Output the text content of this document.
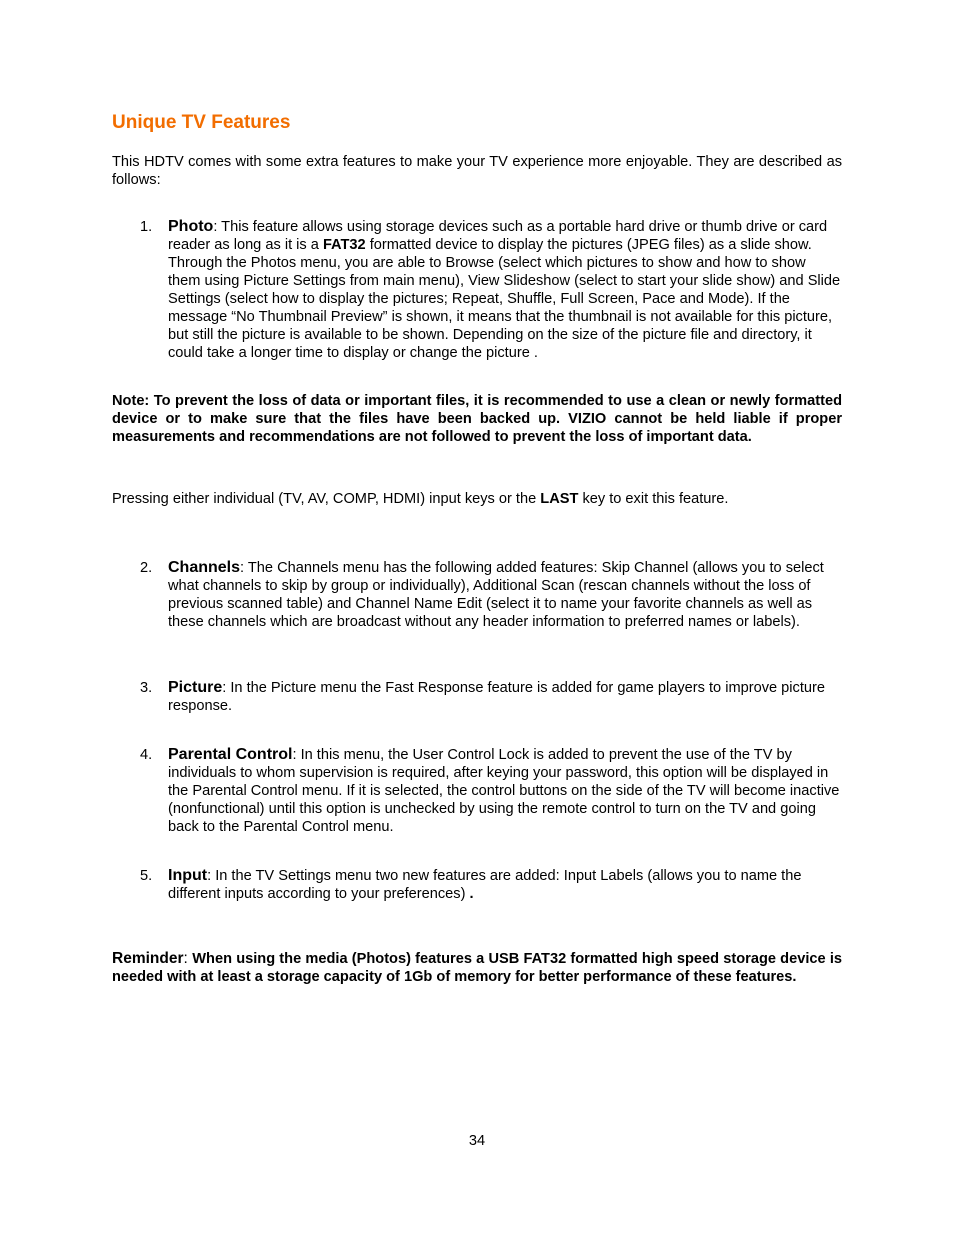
Unique TV Features

This HDTV comes with some extra features to make your TV experience more enjoyable. They are described as follows:

1. Photo: This feature allows using storage devices such as a portable hard drive or thumb drive or card reader as long as it is a FAT32 formatted device to display the pictures (JPEG files) as a slide show. Through the Photos menu, you are able to Browse (select which pictures to show and how to show them using Picture Settings from main menu), View Slideshow (select to start your slide show) and Slide Settings (select how to display the pictures; Repeat, Shuffle, Full Screen, Pace and Mode). If the message “No Thumbnail Preview” is shown, it means that the thumbnail is not available for this picture, but still the picture is available to be shown. Depending on the size of the picture file and directory, it could take a longer time to display or change the picture .

Note: To prevent the loss of data or important files, it is recommended to use a clean or newly formatted device or to make sure that the files have been backed up. VIZIO cannot be held liable if proper measurements and recommendations are not followed to prevent the loss of important data.

Pressing either individual (TV, AV, COMP, HDMI) input keys or the LAST key to exit this feature.

2. Channels: The Channels menu has the following added features: Skip Channel (allows you to select what channels to skip by group or individually), Additional Scan (rescan channels without the loss of previous scanned table) and Channel Name Edit (select it to name your favorite channels as well as these channels which are broadcast without any header information to preferred names or labels).
3. Picture: In the Picture menu the Fast Response feature is added for game players to improve picture response.
4. Parental Control: In this menu, the User Control Lock is added to prevent the use of the TV by individuals to whom supervision is required, after keying your password, this option will be displayed in the Parental Control menu. If it is selected, the control buttons on the side of the TV will become inactive (nonfunctional) until this option is unchecked by using the remote control to turn on the TV and going back to the Parental Control menu.
5. Input: In the TV Settings menu two new features are added: Input Labels (allows you to name the different inputs according to your preferences) .

Reminder: When using the media (Photos) features a USB FAT32 formatted high speed storage device is needed with at least a storage capacity of 1Gb of memory for better performance of these features.

34
